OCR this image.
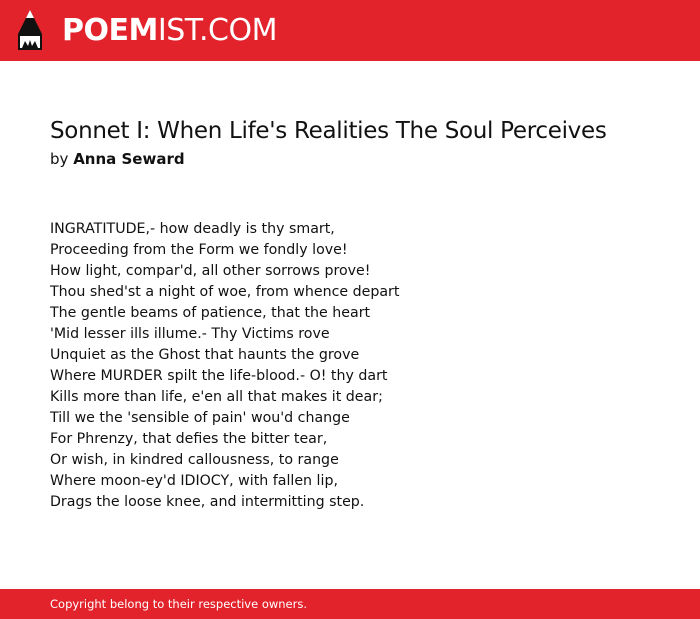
POEMIST.COM
Sonnet I: When Life's Realities The Soul Perceives
by Anna Seward
INGRATITUDE,- how deadly is thy smart,
Proceeding from the Form we fondly love!
How light, compar'd, all other sorrows prove!
Thou shed'st a night of woe, from whence depart
The gentle beams of patience, that the heart
'Mid lesser ills illume.- Thy Victims rove
Unquiet as the Ghost that haunts the grove
Where MURDER spilt the life-blood.- O! thy dart
Kills more than life, e'en all that makes it dear;
Till we the 'sensible of pain' wou'd change
For Phrenzy, that defies the bitter tear,
Or wish, in kindred callousness, to range
Where moon-ey'd IDIOCY, with fallen lip,
Drags the loose knee, and intermitting step.
Copyright belong to their respective owners.
